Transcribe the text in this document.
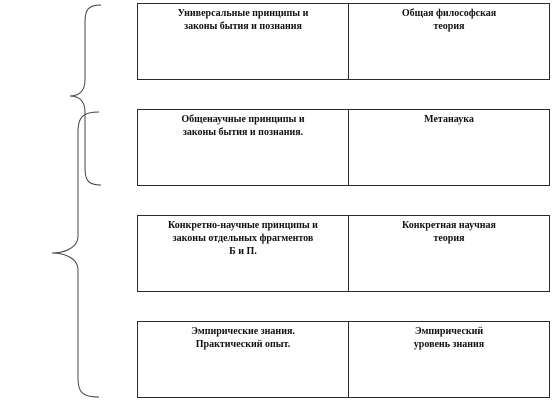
Универсальные принципы и
законы бытия и познания
Общая философская
теория
Общенаучные принципы и
законы бытия и познания.
Метанаука
Конкретно-научные принципы и
законы отдельных фрагментов
Б и П.
Конкретная научная
теория
Эмпирические знания.
Практический опыт.
Эмпирический
уровень знания
